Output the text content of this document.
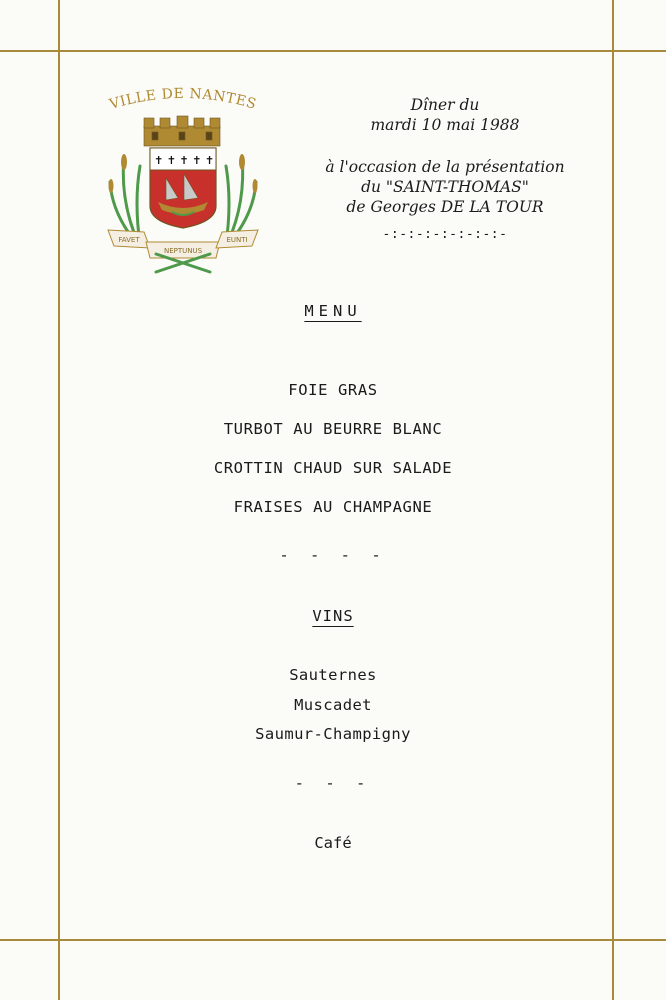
VILLE DE NANTES
✝ ✝ ✝ ✝ ✝
FAVET
NEPTUNUS
EUNTI
Dîner du
mardi 10 mai 1988
à l'occasion de la présentation
du "SAINT-THOMAS"
de Georges DE LA TOUR
-:-:-:-:-:-:-:-
MENU
FOIE GRAS
TURBOT AU BEURRE BLANC
CROTTIN CHAUD SUR SALADE
FRAISES AU CHAMPAGNE
- - - -
VINS
Sauternes
Muscadet
Saumur-Champigny
- - -
Café
